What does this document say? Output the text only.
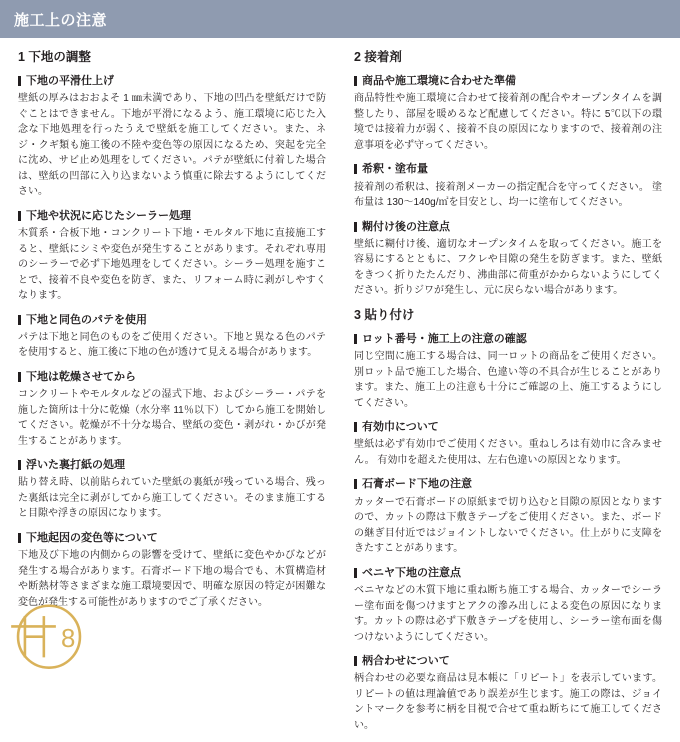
施工上の注意
1 下地の調整
下地の平滑仕上げ

壁紙の厚みはおおよそ 1 ㎜未満であり、下地の凹凸を壁紙だけで防ぐことはできません。下地が平滑になるよう、施工環境に応じた入念な下地処理を行ったうえで壁紙を施工してください。また、ネジ・クギ類も施工後の不陸や変色等の原因になるため、突起を完全に沈め、サビ止め処理をしてください。パテが壁紙に付着した場合は、壁紙の凹部に入り込まないよう慎重に除去するようにしてください。

下地や状況に応じたシーラー処理

木質系・合板下地・コンクリート下地・モルタル下地に直接施工すると、壁紙にシミや変色が発生することがあります。それぞれ専用のシーラーで必ず下地処理をしてください。シーラー処理を施すことで、接着不良や変色を防ぎ、また、リフォーム時に剥がしやすくなります。

下地と同色のパテを使用

パテは下地と同色のものをご使用ください。下地と異なる色のパテを使用すると、施工後に下地の色が透けて見える場合があります。

下地は乾燥させてから

コンクリートやモルタルなどの湿式下地、およびシーラー・パテを施した箇所は十分に乾燥（水分率 11％以下）してから施工を開始してください。乾燥が不十分な場合、壁紙の変色・剥がれ・かびが発生することがあります。

浮いた裏打紙の処理

貼り替え時、以前貼られていた壁紙の裏紙が残っている場合、残った裏紙は完全に剥がしてから施工してください。そのまま施工すると目隙や浮きの原因になります。

下地起因の変色等について

下地及び下地の内側からの影響を受けて、壁紙に変色やかびなどが発生する場合があります。石膏ボード下地の場合でも、木質構造材や断熱材等さまざまな施工環境要因で、明確な原因の特定が困難な変色が発生する可能性がありますのでご了承ください。

2 接着剤
商品や施工環境に合わせた準備

商品特性や施工環境に合わせて接着剤の配合やオープンタイムを調整したり、部屋を暖めるなど配慮してください。特に 5℃以下の環境では接着力が弱く、接着不良の原因になりますので、接着剤の注意事項を必ず守ってください。

希釈・塗布量

接着剤の希釈は、接着剤メーカーの指定配合を守ってください。 塗布量は 130～140g/㎡を目安とし、均一に塗布してください。

糊付け後の注意点

壁紙に糊付け後、適切なオープンタイムを取ってください。施工を容易にするとともに、フクレや目隙の発生を防ぎます。また、壁紙をきつく折りたたんだり、沸曲部に荷重がかからないようにしてください。折りジワが発生し、元に戻らない場合があります。

3 貼り付け
ロット番号・施工上の注意の確認

同じ空間に施工する場合は、同一ロットの商品をご使用ください。別ロット品で施工した場合、色違い等の不具合が生じることがあります。また、施工上の注意も十分にご確認の上、施工するようにしてください。

有効巾について

壁紙は必ず有効巾でご使用ください。重ねしろは有効巾に含みません。 有効巾を超えた使用は、左右色違いの原因となります。

石膏ボード下地の注意

カッターで石膏ボードの原紙まで切り込むと目隙の原因となりますので、カットの際は下敷きテープをご使用ください。また、ボードの継ぎ目付近ではジョイントしないでください。仕上がりに支障をきたすことがあります。

ベニヤ下地の注意点

ベニヤなどの木質下地に重ね断ち施工する場合、カッターでシーラー塗布面を傷つけますとアクの滲み出しによる変色の原因になります。カットの際は必ず下敷きテープを使用し、シーラー塗布面を傷つけないようにしてください。

柄合わせについて

柄合わせの必要な商品は見本帳に「リピート」を表示しています。 リピートの値は理論値であり誤差が生じます。施工の際は、ジョイントマークを参考に柄を目視で合せて重ね断ちにて施工してください。

8
